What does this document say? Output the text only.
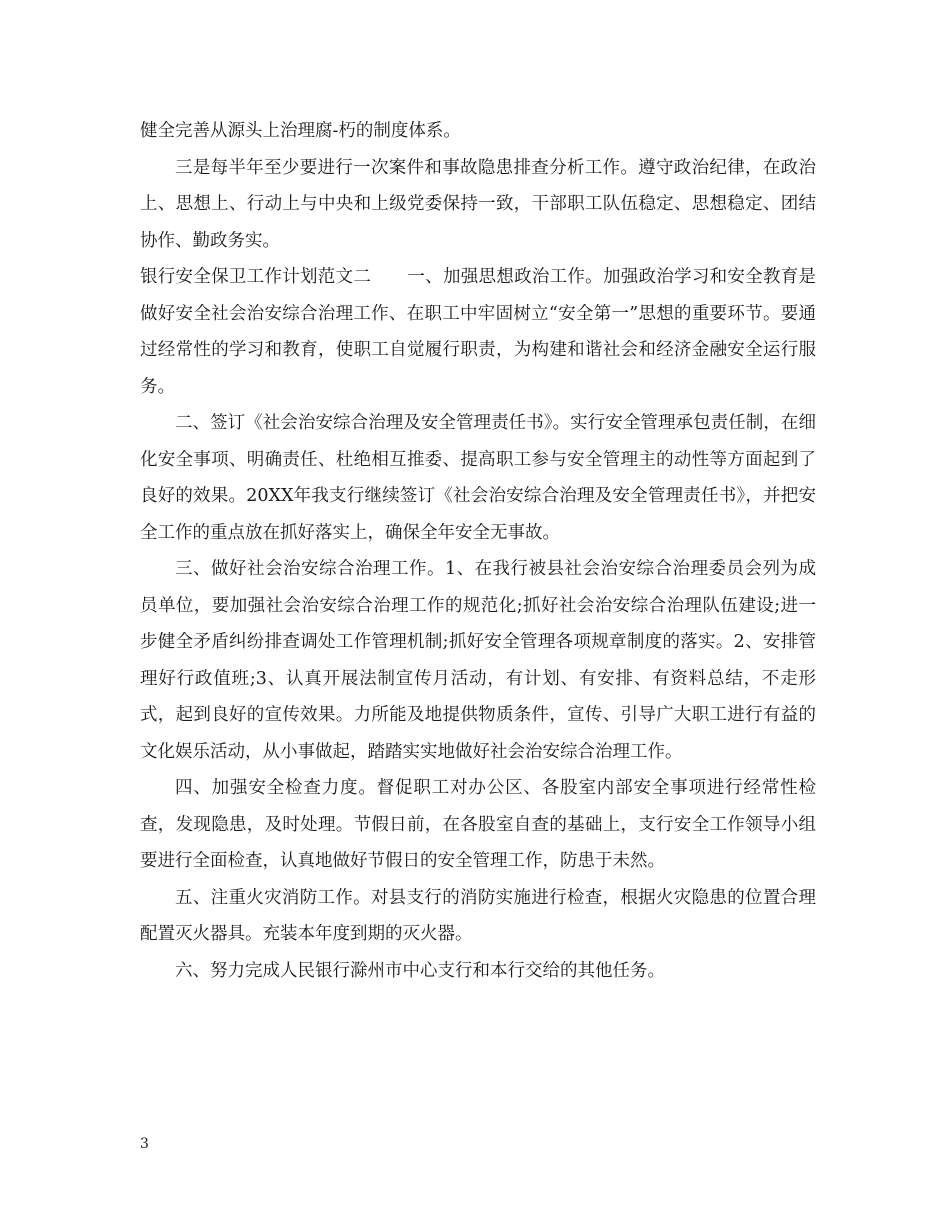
健全完善从源头上治理腐-朽的制度体系。

三是每半年至少要进行一次案件和事故隐患排查分析工作。遵守政治纪律，在政治上、思想上、行动上与中央和上级党委保持一致，干部职工队伍稳定、思想稳定、团结协作、勤政务实。

银行安全保卫工作计划范文二 一、加强思想政治工作。加强政治学习和安全教育是做好安全社会治安综合治理工作、在职工中牢固树立“安全第一”思想的重要环节。要通过经常性的学习和教育，使职工自觉履行职责，为构建和谐社会和经济金融安全运行服务。

二、签订《社会治安综合治理及安全管理责任书》。实行安全管理承包责任制，在细化安全事项、明确责任、杜绝相互推委、提高职工参与安全管理主的动性等方面起到了良好的效果。20XX年我支行继续签订《社会治安综合治理及安全管理责任书》，并把安全工作的重点放在抓好落实上，确保全年安全无事故。

三、做好社会治安综合治理工作。1、在我行被县社会治安综合治理委员会列为成员单位，要加强社会治安综合治理工作的规范化;抓好社会治安综合治理队伍建设;进一步健全矛盾纠纷排查调处工作管理机制;抓好安全管理各项规章制度的落实。2、安排管理好行政值班;3、认真开展法制宣传月活动，有计划、有安排、有资料总结，不走形式，起到良好的宣传效果。力所能及地提供物质条件，宣传、引导广大职工进行有益的文化娱乐活动，从小事做起，踏踏实实地做好社会治安综合治理工作。

四、加强安全检查力度。督促职工对办公区、各股室内部安全事项进行经常性检查，发现隐患，及时处理。节假日前，在各股室自查的基础上，支行安全工作领导小组要进行全面检查，认真地做好节假日的安全管理工作，防患于未然。

五、注重火灾消防工作。对县支行的消防实施进行检查，根据火灾隐患的位置合理配置灭火器具。充装本年度到期的灭火器。

六、努力完成人民银行滁州市中心支行和本行交给的其他任务。

3
